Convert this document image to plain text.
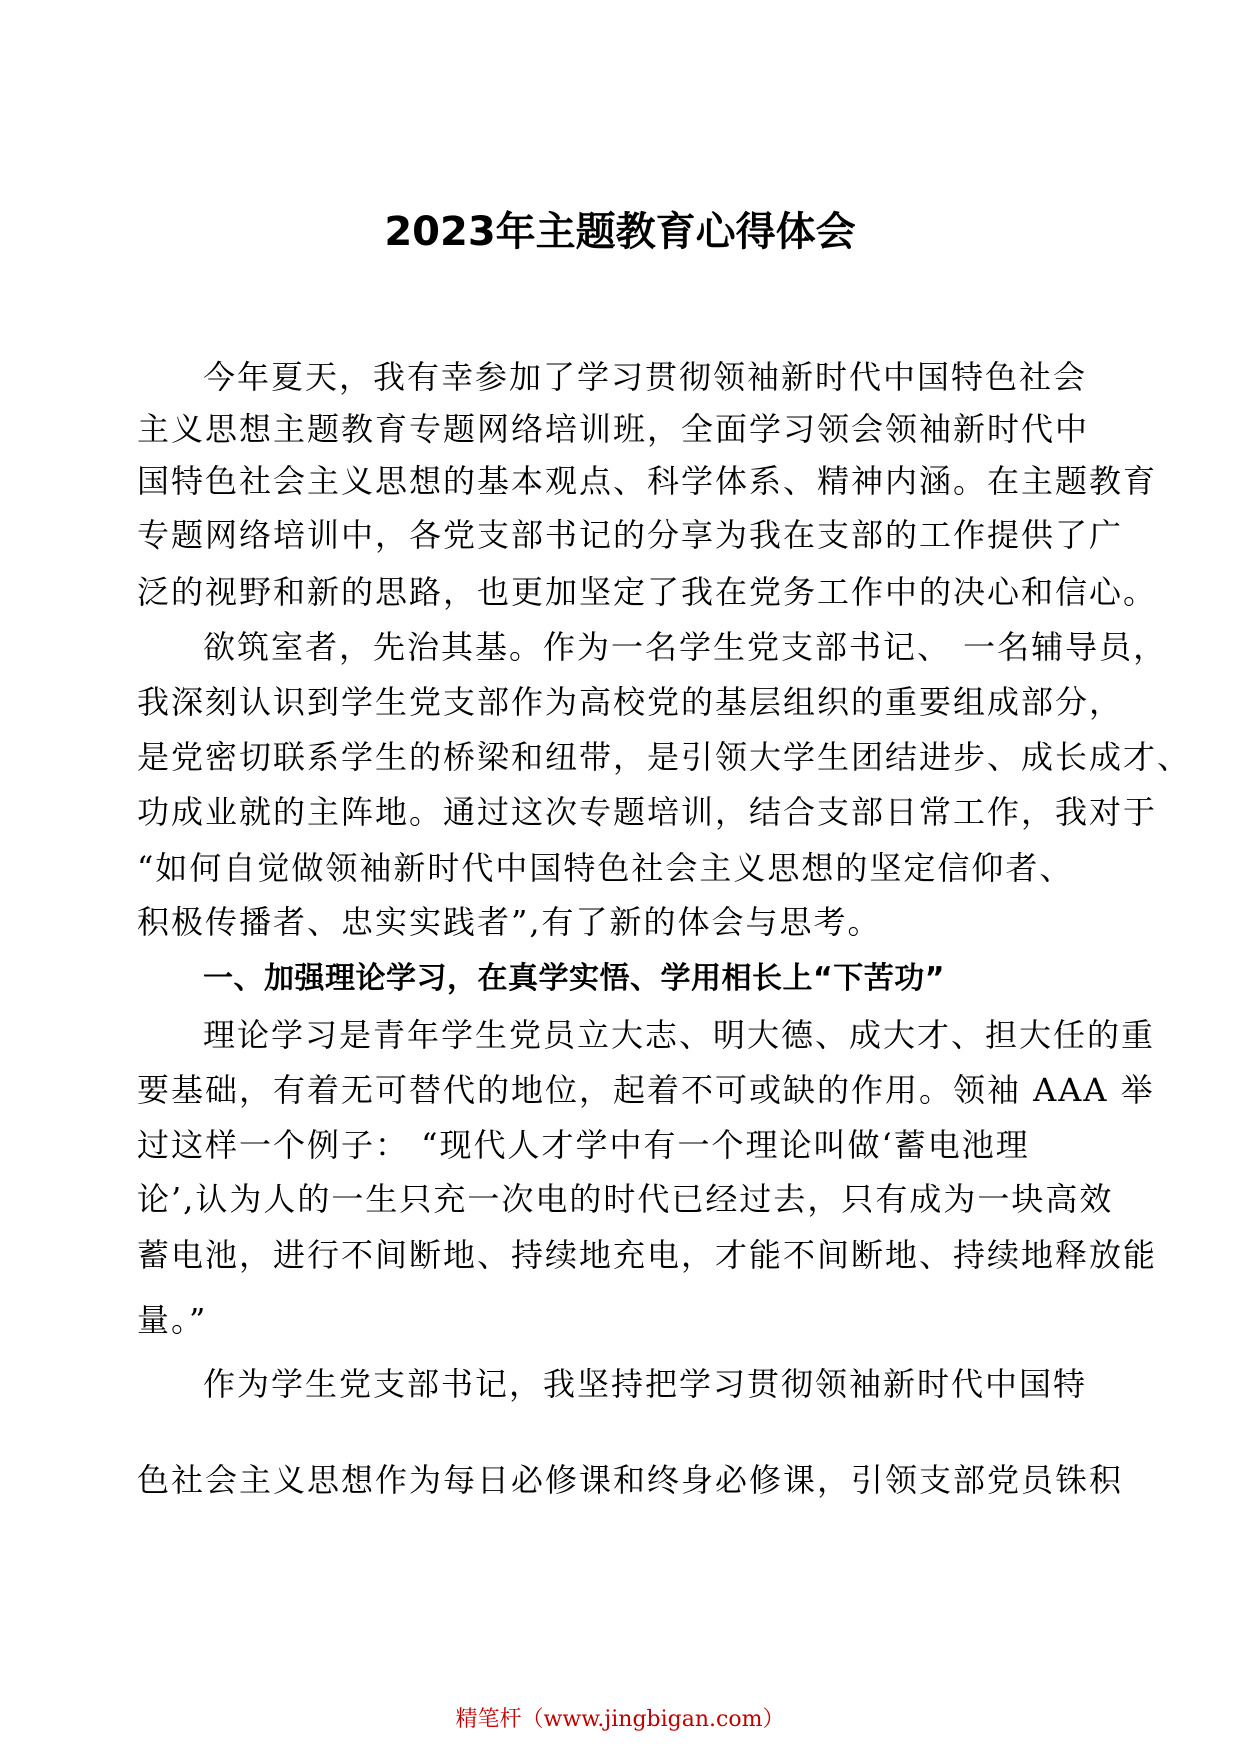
2023年主题教育心得体会
今年夏天，我有幸参加了学习贯彻领袖新时代中国特色社会
主义思想主题教育专题网络培训班，全面学习领会领袖新时代中
国特色社会主义思想的基本观点、科学体系、精神内涵。在主题教育
专题网络培训中，各党支部书记的分享为我在支部的工作提供了广
泛的视野和新的思路，也更加坚定了我在党务工作中的决心和信心。
欲筑室者，先治其基。作为一名学生党支部书记、 一名辅导员，
我深刻认识到学生党支部作为高校党的基层组织的重要组成部分，
是党密切联系学生的桥梁和纽带，是引领大学生团结进步、成长成才、
功成业就的主阵地。通过这次专题培训，结合支部日常工作，我对于
“如何自觉做领袖新时代中国特色社会主义思想的坚定信仰者、
积极传播者、忠实实践者”,有了新的体会与思考。
一、加强理论学习，在真学实悟、学用相长上“下苦功”
理论学习是青年学生党员立大志、明大德、成大才、担大任的重
要基础，有着无可替代的地位，起着不可或缺的作用。领袖 AAA 举
过这样一个例子： “现代人才学中有一个理论叫做‘蓄电池理
论’,认为人的一生只充一次电的时代已经过去，只有成为一块高效
蓄电池，进行不间断地、持续地充电，才能不间断地、持续地释放能
量。”
作为学生党支部书记，我坚持把学习贯彻领袖新时代中国特
色社会主义思想作为每日必修课和终身必修课，引领支部党员铢积
精笔杆（www.jingbigan.com）
